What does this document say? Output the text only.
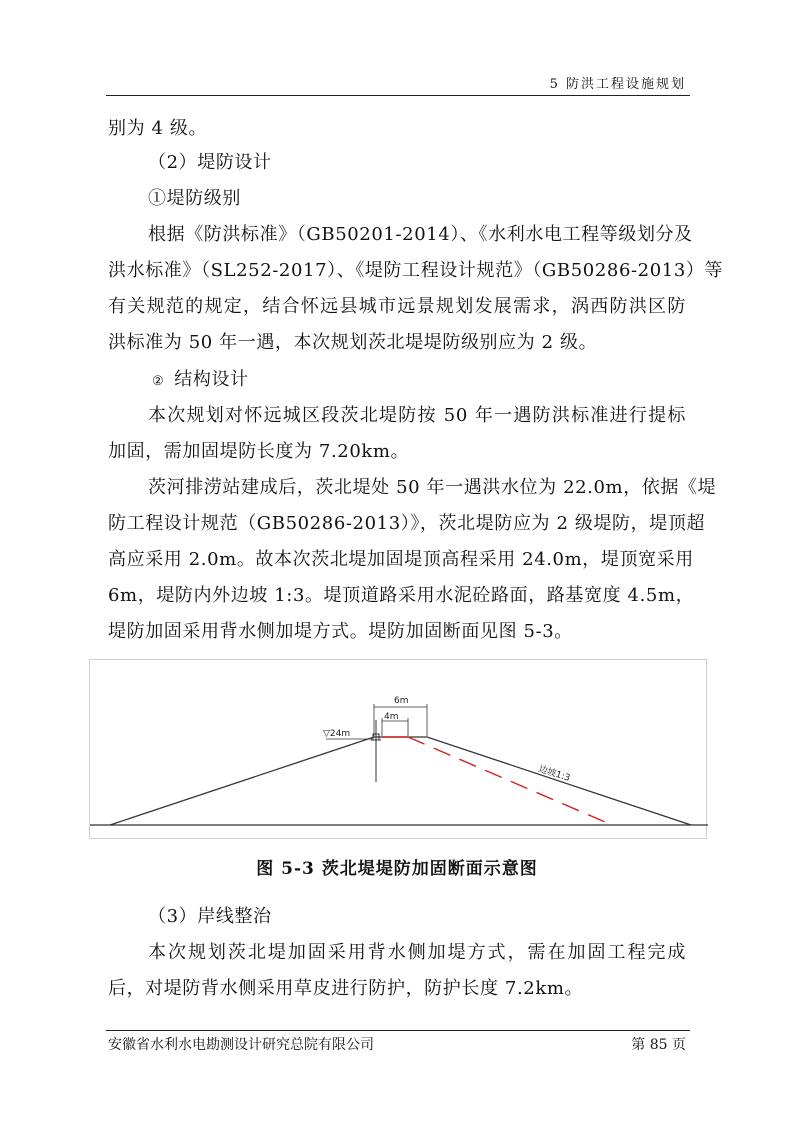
5 防洪工程设施规划
别为 4 级。
（2）堤防设计
①堤防级别
根据《防洪标准》（GB50201-2014）、《水利水电工程等级划分及
洪水标准》（SL252-2017）、《堤防工程设计规范》（GB50286-2013）等
有关规范的规定，结合怀远县城市远景规划发展需求，涡西防洪区防
洪标准为 50 年一遇，本次规划茨北堤堤防级别应为 2 级。
② 结构设计
本次规划对怀远城区段茨北堤防按 50 年一遇防洪标准进行提标
加固，需加固堤防长度为 7.20km。
茨河排涝站建成后，茨北堤处 50 年一遇洪水位为 22.0m，依据《堤
防工程设计规范（GB50286-2013）》，茨北堤防应为 2 级堤防，堤顶超
高应采用 2.0m。故本次茨北堤加固堤顶高程采用 24.0m，堤顶宽采用
6m，堤防内外边坡 1:3。堤顶道路采用水泥砼路面，路基宽度 4.5m，
堤防加固采用背水侧加堤方式。堤防加固断面见图 5-3。
▽24m
6m
4m
边坡1:3
图 5-3 茨北堤堤防加固断面示意图
（3）岸线整治
本次规划茨北堤加固采用背水侧加堤方式，需在加固工程完成
后，对堤防背水侧采用草皮进行防护，防护长度 7.2km。
安徽省水利水电勘测设计研究总院有限公司	第 85 页
